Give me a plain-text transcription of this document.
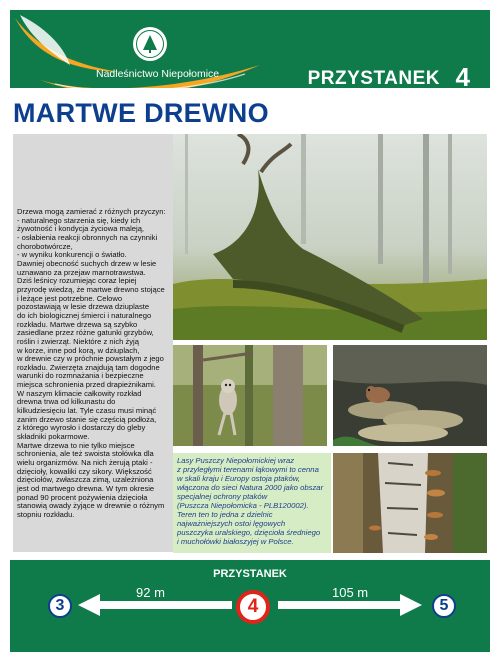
Nadleśnictwo Niepołomice	PRZYSTANEK 4
MARTWE DREWNO

Drzewa mogą zamierać z różnych przyczyn:
- naturalnego starzenia się, kiedy ich
żywotność i kondycja życiowa maleją,
- osłabienia reakcji obronnych na czynniki
chorobotwórcze,
- w wyniku konkurencji o światło.
Dawniej obecność suchych drzew w lesie
uznawano za przejaw marnotrawstwa.
Dziś leśnicy rozumiejąc coraz lepiej
przyrodę wiedzą, że martwe drewno stojące
i leżące jest potrzebne. Celowo
pozostawiają w lesie drzewa dziuplaste
do ich biologicznej śmierci i naturalnego
rozkładu. Martwe drzewa są szybko
zasiedlane przez różne gatunki grzybów,
roślin i zwierząt. Niektóre z nich żyją
w korze, inne pod korą, w dziuplach,
w drewnie czy w próchnie powstałym z jego
rozkładu. Zwierzęta znajdują tam dogodne
warunki do rozmnażania i bezpieczne
miejsca schronienia przed drapieżnikami.
W naszym klimacie całkowity rozkład
drewna trwa od kilkunastu do
kilkudziesięciu lat. Tyle czasu musi minąć
zanim drzewo stanie się częścią podłoża,
z którego wyrosło i dostarczy do gleby
składniki pokarmowe.
Martwe drzewa to nie tylko miejsce
schronienia, ale też swoista stołówka dla
wielu organizmów. Na nich żerują ptaki -
dzięcioły, kowaliki czy sikory. Większość
dzięciołów, zwłaszcza zimą, uzależniona
jest od martwego drewna. W tym okresie
ponad 90 procent pożywienia dzięcioła
stanowią owady żyjące w drewnie o różnym
stopniu rozkładu.

Lasy Puszczy Niepołomickiej wraz
z przyległymi terenami łąkowymi to cenna
w skali kraju i Europy ostoja ptaków,
włączona do sieci Natura 2000 jako obszar
specjalnej ochrony ptaków
(Puszcza Niepołomicka - PLB120002).
Teren ten to jedna z dzielnic
najważniejszych ostoi lęgowych
puszczyka uralskiego, dzięcioła średniego
i muchołówki białoszyjej w Polsce.
PRZYSTANEK
92 m	105 m
3	4	5
